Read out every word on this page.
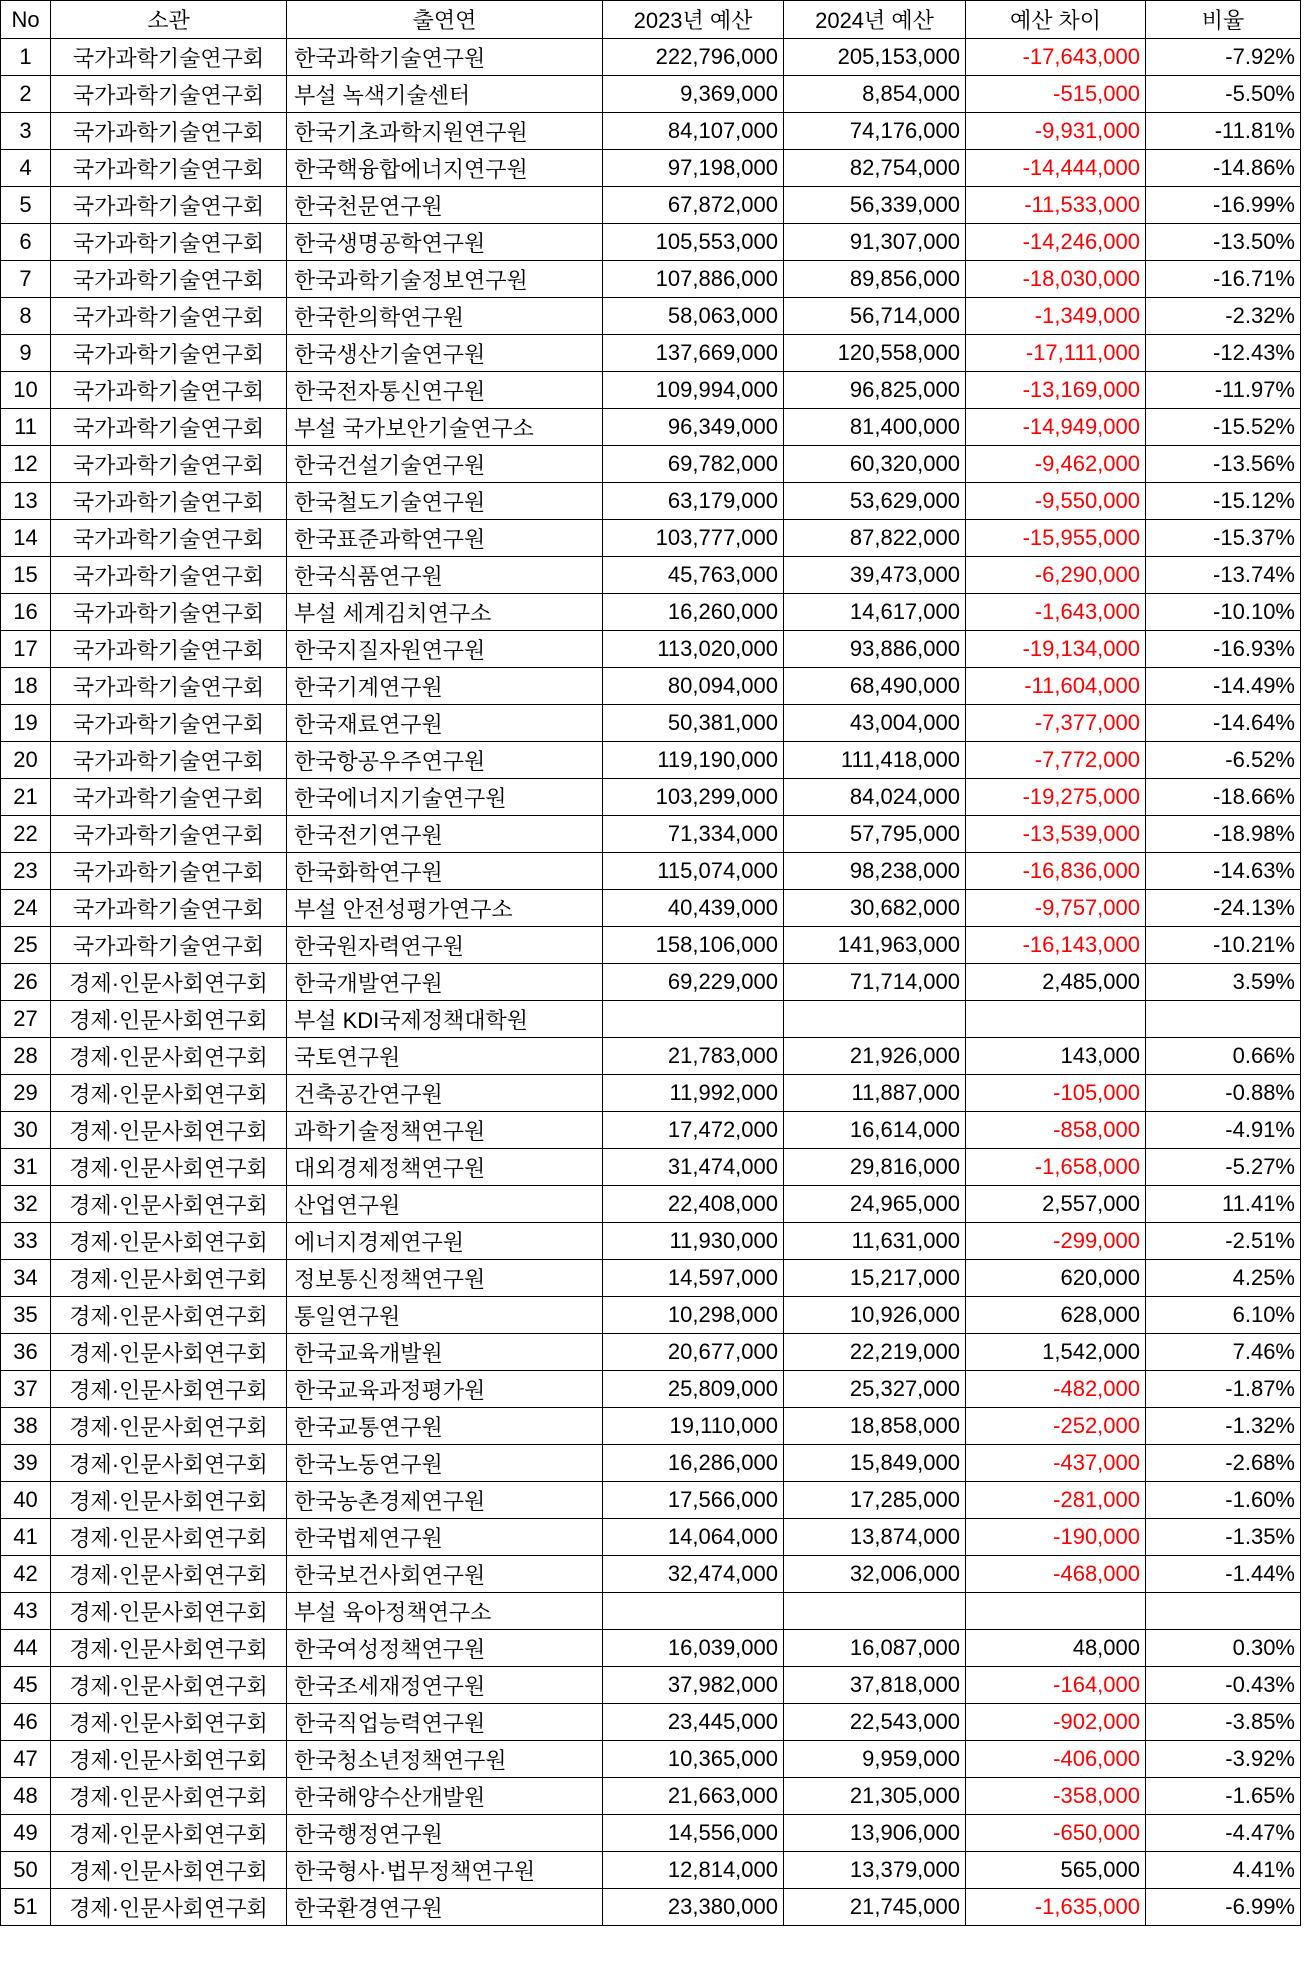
No	소관	출연연	2023년 예산	2024년 예산	예산 차이	비율
1	국가과학기술연구회	한국과학기술연구원	222,796,000	205,153,000	-17,643,000	-7.92%
2	국가과학기술연구회	부설 녹색기술센터	9,369,000	8,854,000	-515,000	-5.50%
3	국가과학기술연구회	한국기초과학지원연구원	84,107,000	74,176,000	-9,931,000	-11.81%
4	국가과학기술연구회	한국핵융합에너지연구원	97,198,000	82,754,000	-14,444,000	-14.86%
5	국가과학기술연구회	한국천문연구원	67,872,000	56,339,000	-11,533,000	-16.99%
6	국가과학기술연구회	한국생명공학연구원	105,553,000	91,307,000	-14,246,000	-13.50%
7	국가과학기술연구회	한국과학기술정보연구원	107,886,000	89,856,000	-18,030,000	-16.71%
8	국가과학기술연구회	한국한의학연구원	58,063,000	56,714,000	-1,349,000	-2.32%
9	국가과학기술연구회	한국생산기술연구원	137,669,000	120,558,000	-17,111,000	-12.43%
10	국가과학기술연구회	한국전자통신연구원	109,994,000	96,825,000	-13,169,000	-11.97%
11	국가과학기술연구회	부설 국가보안기술연구소	96,349,000	81,400,000	-14,949,000	-15.52%
12	국가과학기술연구회	한국건설기술연구원	69,782,000	60,320,000	-9,462,000	-13.56%
13	국가과학기술연구회	한국철도기술연구원	63,179,000	53,629,000	-9,550,000	-15.12%
14	국가과학기술연구회	한국표준과학연구원	103,777,000	87,822,000	-15,955,000	-15.37%
15	국가과학기술연구회	한국식품연구원	45,763,000	39,473,000	-6,290,000	-13.74%
16	국가과학기술연구회	부설 세계김치연구소	16,260,000	14,617,000	-1,643,000	-10.10%
17	국가과학기술연구회	한국지질자원연구원	113,020,000	93,886,000	-19,134,000	-16.93%
18	국가과학기술연구회	한국기계연구원	80,094,000	68,490,000	-11,604,000	-14.49%
19	국가과학기술연구회	한국재료연구원	50,381,000	43,004,000	-7,377,000	-14.64%
20	국가과학기술연구회	한국항공우주연구원	119,190,000	111,418,000	-7,772,000	-6.52%
21	국가과학기술연구회	한국에너지기술연구원	103,299,000	84,024,000	-19,275,000	-18.66%
22	국가과학기술연구회	한국전기연구원	71,334,000	57,795,000	-13,539,000	-18.98%
23	국가과학기술연구회	한국화학연구원	115,074,000	98,238,000	-16,836,000	-14.63%
24	국가과학기술연구회	부설 안전성평가연구소	40,439,000	30,682,000	-9,757,000	-24.13%
25	국가과학기술연구회	한국원자력연구원	158,106,000	141,963,000	-16,143,000	-10.21%
26	경제·인문사회연구회	한국개발연구원	69,229,000	71,714,000	2,485,000	3.59%
27	경제·인문사회연구회	부설 KDI국제정책대학원				
28	경제·인문사회연구회	국토연구원	21,783,000	21,926,000	143,000	0.66%
29	경제·인문사회연구회	건축공간연구원	11,992,000	11,887,000	-105,000	-0.88%
30	경제·인문사회연구회	과학기술정책연구원	17,472,000	16,614,000	-858,000	-4.91%
31	경제·인문사회연구회	대외경제정책연구원	31,474,000	29,816,000	-1,658,000	-5.27%
32	경제·인문사회연구회	산업연구원	22,408,000	24,965,000	2,557,000	11.41%
33	경제·인문사회연구회	에너지경제연구원	11,930,000	11,631,000	-299,000	-2.51%
34	경제·인문사회연구회	정보통신정책연구원	14,597,000	15,217,000	620,000	4.25%
35	경제·인문사회연구회	통일연구원	10,298,000	10,926,000	628,000	6.10%
36	경제·인문사회연구회	한국교육개발원	20,677,000	22,219,000	1,542,000	7.46%
37	경제·인문사회연구회	한국교육과정평가원	25,809,000	25,327,000	-482,000	-1.87%
38	경제·인문사회연구회	한국교통연구원	19,110,000	18,858,000	-252,000	-1.32%
39	경제·인문사회연구회	한국노동연구원	16,286,000	15,849,000	-437,000	-2.68%
40	경제·인문사회연구회	한국농촌경제연구원	17,566,000	17,285,000	-281,000	-1.60%
41	경제·인문사회연구회	한국법제연구원	14,064,000	13,874,000	-190,000	-1.35%
42	경제·인문사회연구회	한국보건사회연구원	32,474,000	32,006,000	-468,000	-1.44%
43	경제·인문사회연구회	부설 육아정책연구소				
44	경제·인문사회연구회	한국여성정책연구원	16,039,000	16,087,000	48,000	0.30%
45	경제·인문사회연구회	한국조세재정연구원	37,982,000	37,818,000	-164,000	-0.43%
46	경제·인문사회연구회	한국직업능력연구원	23,445,000	22,543,000	-902,000	-3.85%
47	경제·인문사회연구회	한국청소년정책연구원	10,365,000	9,959,000	-406,000	-3.92%
48	경제·인문사회연구회	한국해양수산개발원	21,663,000	21,305,000	-358,000	-1.65%
49	경제·인문사회연구회	한국행정연구원	14,556,000	13,906,000	-650,000	-4.47%
50	경제·인문사회연구회	한국형사·법무정책연구원	12,814,000	13,379,000	565,000	4.41%
51	경제·인문사회연구회	한국환경연구원	23,380,000	21,745,000	-1,635,000	-6.99%
